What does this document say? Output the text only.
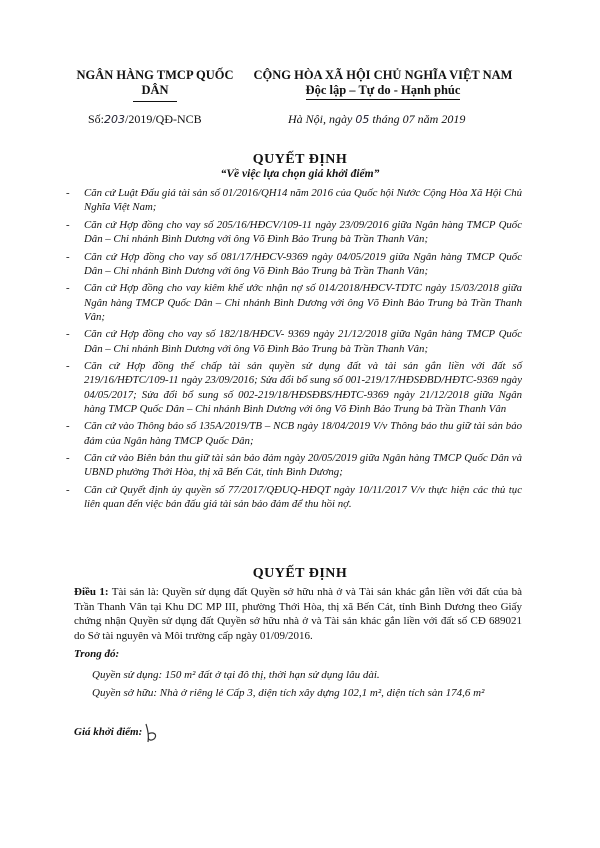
NGÂN HÀNG TMCP QUỐC
DÂN
CỘNG HÒA XÃ HỘI CHỦ NGHĨA VIỆT NAM
Độc lập – Tự do - Hạnh phúc
Số:203/2019/QĐ-NCB	Hà Nội, ngày 05 tháng 07 năm 2019
QUYẾT ĐỊNH
“Về việc lựa chọn giá khởi điểm”
- Căn cứ Luật Đấu giá tài sản số 01/2016/QH14 năm 2016 của Quốc hội Nước Cộng Hòa Xã Hội Chủ Nghĩa Việt Nam;
- Căn cứ Hợp đồng cho vay số 205/16/HĐCV/109-11 ngày 23/09/2016 giữa Ngân hàng TMCP Quốc Dân – Chi nhánh Bình Dương với ông Võ Đình Bảo Trung bà Trần Thanh Vân;
- Căn cứ Hợp đồng cho vay số 081/17/HĐCV-9369 ngày 04/05/2019 giữa Ngân hàng TMCP Quốc Dân – Chi nhánh Bình Dương với ông Võ Đình Bảo Trung bà Trần Thanh Vân;
- Căn cứ Hợp đồng cho vay kiêm khế ước nhận nợ số 014/2018/HĐCV-TDTC ngày 15/03/2018 giữa Ngân hàng TMCP Quốc Dân – Chi nhánh Bình Dương với ông Võ Đình Bảo Trung bà Trần Thanh Vân;
- Căn cứ Hợp đồng cho vay số 182/18/HĐCV- 9369 ngày 21/12/2018 giữa Ngân hàng TMCP Quốc Dân – Chi nhánh Bình Dương với ông Võ Đình Bảo Trung bà Trần Thanh Vân;
- Căn cứ Hợp đồng thế chấp tài sản quyền sử dụng đất và tài sản gắn liền với đất số 219/16/HĐTC/109-11 ngày 23/09/2016; Sửa đổi bổ sung số 001-219/17/HĐSĐBD/HĐTC-9369 ngày 04/05/2017; Sửa đổi bổ sung số 002-219/18/HĐSĐBS/HĐTC-9369 ngày 21/12/2018 giữa Ngân hàng TMCP Quốc Dân – Chi nhánh Bình Dương với ông Võ Đình Bảo Trung bà Trần Thanh Vân
- Căn cứ vào Thông báo số 135A/2019/TB – NCB ngày 18/04/2019 V/v Thông báo thu giữ tài sản bảo đảm của Ngân hàng TMCP Quốc Dân;
- Căn cứ vào Biên bản thu giữ tài sản bảo đảm ngày 20/05/2019 giữa Ngân hàng TMCP Quốc Dân và UBND phường Thới Hòa, thị xã Bến Cát, tỉnh Bình Dương;
- Căn cứ Quyết định ủy quyền số 77/2017/QĐUQ-HĐQT ngày 10/11/2017 V/v thực hiện các thủ tục liên quan đến việc bán đấu giá tài sản bảo đảm để thu hồi nợ.
QUYẾT ĐỊNH

Điều 1: Tài sản là: Quyền sử dụng đất Quyền sở hữu nhà ở và Tài sản khác gắn liền với đất của bà Trần Thanh Vân tại Khu DC MP III, phường Thới Hòa, thị xã Bến Cát, tỉnh Bình Dương theo Giấy chứng nhận Quyền sử dụng đất Quyền sở hữu nhà ở và Tài sản khác gắn liền với đất số CĐ 689021 do Sở tài nguyên và Môi trường cấp ngày 01/09/2016.

Trong đó:
Quyền sử dụng: 150 m² đất ở tại đô thị, thời hạn sử dụng lâu dài.
Quyền sở hữu: Nhà ở riêng lẻ Cấp 3, diện tích xây dựng 102,1 m², diện tích sàn 174,6 m²
Giá khởi điểm:
